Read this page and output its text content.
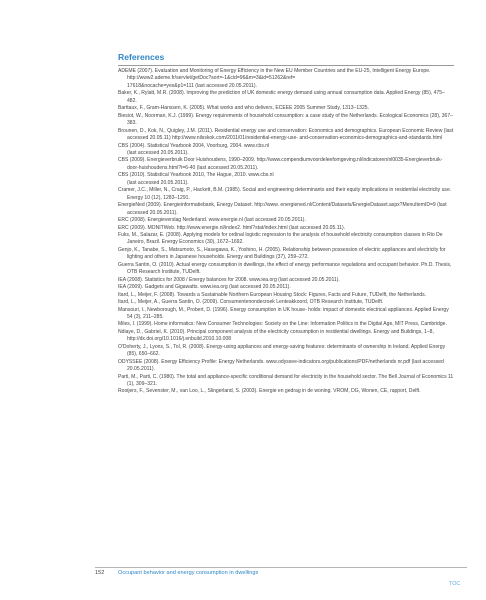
References
ADEME (2007). Evaluation and Monitoring of Energy Efficiency in the New EU Member Countries and the EU-25, Intelligent Energy Europe. http://www2.ademe.fr/servlet/getDoc?sort=-1&cid=96&m=3&id=51262&ref=
17618&nocache=yes&p1=111 (last accessed 20.05.2011).
Baker, K., Rylatt, M.R. (2008). Improving the prediction of UK domestic energy demand using annual consumption data. Applied Energy (85), 475–482.
Barttaux, F., Gram-Hanssen, K. (2005). What works and who delivers, ECEEE 2005 Summer Study, 1313–1325.
Biesiot, W., Noorman, K.J. (1999). Energy requirements of household consumption: a case study of the Netherlands. Ecological Economics (28), 367–383.
Brounen, D., Kok, N., Quigley, J.M. (2011). Residential energy use and conservation: Economics and demographics. European Economic Review (last accessed 20.05.11) http://www.nilsskok.com/2011/01/residential-energy-use- and-conservation-economics-demographics-and-standards.html
CBS (2004). Statistical Yearbook 2004, Voorburg, 2004. www.cbs.nl
(last accessed 20.05.2011).
CBS (2009). Energieverbruik Door Huishoudens, 1990–2009. http://www.compendiumvoordeleefomgeving.nl/indicatoren/nl0035-Energieverbruik-door-huishoudens.html?i=6-40 (last accessed 20.05.2011).
CBS (2010). Statistical Yearbook 2010, The Hague, 2010. www.cbs.nl
(last accessed 20.05.2011).
Cramer, J.C., Miller, N., Craig, P., Hackett, B.M. (1985). Social and engineering determinants and their equity implications in residential electricity use. Energy 10 (12), 1283–1291.
EnergieNed (2009). Energieinformatiebank, Energy Dataset. http://www. energiened.nl/Content/Datasets/EnergieDataset.aspx?MenuItemID=9 (last accessed 20.05.2011).
ERC (2008). Energieverslag Nederland. www.energie.nl (last accessed 20.05.2011).
ERC (2009). MONITWeb. http://www.energie.nl/index2. html?stat/index.html (last accessed 20.05.11).
Fuks, M., Salazar, E. (2008). Applying models for ordinal logistic regression to the analysis of household electricity consumption classes in Rio De Janeiro, Brazil. Energy Economics (30), 1672–1692.
Genjo, K., Tanabe, S., Matsumoto, S., Hasegawa, K., Yoshino, H. (2005). Relationship between possession of electric appliances and electricity for lighting and others in Japanese households. Energy and Buildings (37), 259–272.
Guerra Santin, O. (2010). Actual energy consumption in dwellings, the effect of energy performance regulations and occupant behavior. Ph.D. Thesis, OTB Research Institute, TUDelft.
IEA (2008). Statistics for 2008 / Energy balances for 2008. www.iea.org (last accessed 20.05.2011).
IEA (2009). Gadgets and Gigawatts. www.iea.org (last accessed 20.05.2011).
Itard, L., Meijer, F. (2008). Towards a Sustainable Northern European Housing Stock: Figures, Facts and Future, TUDelft, the Netherlands.
Itard, L., Meijer, A., Guerra Santin, O. (2009). Consumentenonderzoek Lenteakkoord, OTB Research Institute, TUDelft.
Mansouri, I., Newborough, M., Probert, D. (1996). Energy consumption in UK house- holds: impact of domestic electrical appliances. Applied Energy 54 (3), 211–285.
Miles, I. (1999). Home informatics: New Consumer Technologies: Society on the Line: Information Politics in the Digital Age, MIT Press, Cambridge.
Ndiaye, D., Gabriel, K. (2010). Principal component analysis of the electricity consumption in residential dwellings. Energy and Buildings, 1–8, http://dx.doi.org/10.1016/j.enbuild.2010.10.008
O'Doherty, J., Lyons, S., Tol, R. (2008). Energy-using appliances and energy-saving features: determinants of ownership in Ireland. Applied Energy (85), 650–662.
ODYSSEE (2008). Energy Efficiency Profile: Energy Netherlands. www.odyssee-indicators.org/publications/PDF/netherlands nr.pdf (last accessed 20.05.2011).
Parti, M., Parti, C. (1980). The total and appliance-specific conditional demand for electricity in the household sector. The Bell Journal of Economics 11 (1), 309–321.
Rooijers, F., Sevenster, M., van Loo, L., Slingerland, S. (2003). Energie en gedrag in de woning. VROM, DG, Wonen, CE, rapport, Delft.
152 Occupant behavior and energy consumption in dwellings
TOC
